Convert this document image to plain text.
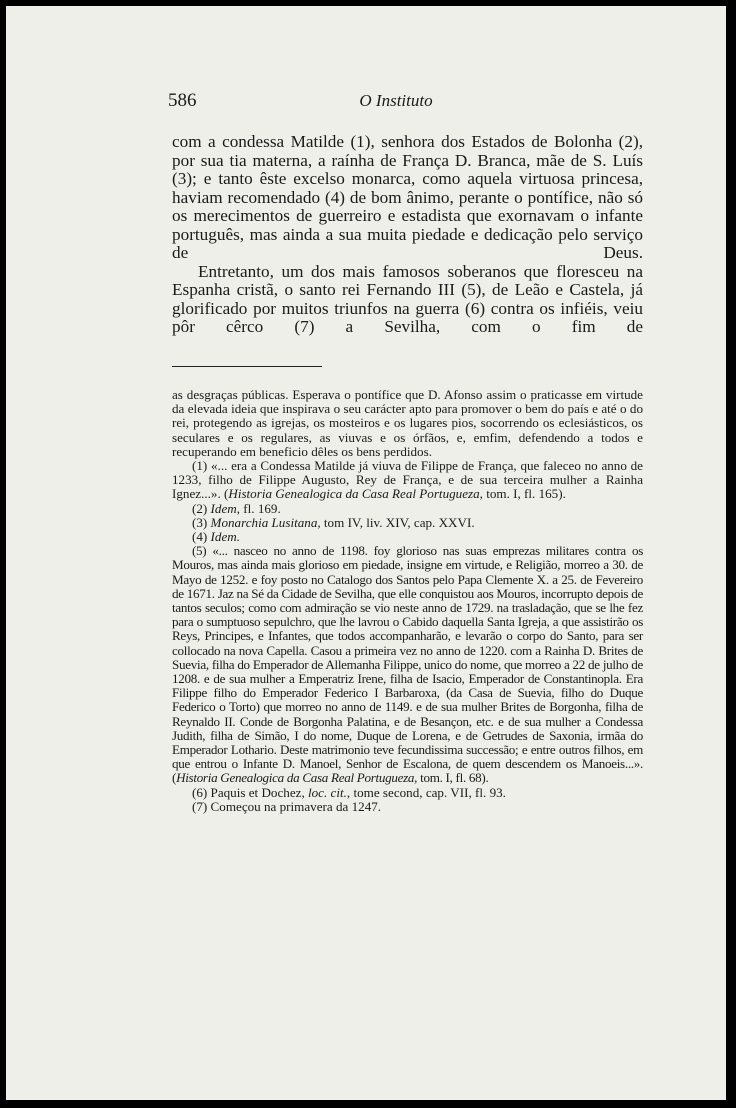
586	O Instituto

com a condessa Matilde (1), senhora dos Estados de Bolonha (2), por sua tia materna, a raínha de França D. Branca, mãe de S. Luís (3); e tanto êste excelso monarca, como aquela virtuosa princesa, haviam recomendado (4) de bom ânimo, perante o pontífice, não só os merecimentos de guerreiro e estadista que exornavam o infante português, mas ainda a sua muita piedade e dedicação pelo serviço de Deus.

Entretanto, um dos mais famosos soberanos que floresceu na Espanha cristã, o santo rei Fernando III (5), de Leão e Castela, já glorificado por muitos triunfos na guerra (6) contra os infiéis, veiu pôr cêrco (7) a Sevilha, com o fim de

as desgraças públicas. Esperava o pontífice que D. Afonso assim o praticasse em virtude da elevada ideia que inspirava o seu carácter apto para promover o bem do país e até o do rei, protegendo as igrejas, os mosteiros e os lugares pios, socorrendo os eclesiásticos, os seculares e os regulares, as viuvas e os órfãos, e, emfim, defendendo a todos e recuperando em beneficio dêles os bens perdidos.

(1) «... era a Condessa Matilde já viuva de Filippe de França, que faleceo no anno de 1233, filho de Filippe Augusto, Rey de França, e de sua terceira mulher a Rainha Ignez...». (Historia Genealogica da Casa Real Portugueza, tom. I, fl. 165).

(2) Idem, fl. 169.

(3) Monarchia Lusitana, tom IV, liv. XIV, cap. XXVI.

(4) Idem.

(5) «... nasceo no anno de 1198. foy glorioso nas suas emprezas militares contra os Mouros, mas ainda mais glorioso em piedade, insigne em virtude, e Religião, morreo a 30. de Mayo de 1252. e foy posto no Catalogo dos Santos pelo Papa Clemente X. a 25. de Fevereiro de 1671. Jaz na Sé da Cidade de Sevilha, que elle conquistou aos Mouros, incorrupto depois de tantos seculos; como com admiração se vio neste anno de 1729. na trasladação, que se lhe fez para o sumptuoso sepulchro, que lhe lavrou o Cabido daquella Santa Igreja, a que assistirão os Reys, Principes, e Infantes, que todos accompanharão, e levarão o corpo do Santo, para ser collocado na nova Capella. Casou a primeira vez no anno de 1220. com a Rainha D. Brites de Suevia, filha do Emperador de Allemanha Filippe, unico do nome, que morreo a 22 de julho de 1208. e de sua mulher a Emperatriz Irene, filha de Isacio, Emperador de Constantinopla. Era Filippe filho do Emperador Federico I Barbaroxa, (da Casa de Suevia, filho do Duque Federico o Torto) que morreo no anno de 1149. e de sua mulher Brites de Borgonha, filha de Reynaldo II. Conde de Borgonha Palatina, e de Besançon, etc. e de sua mulher a Condessa Judith, filha de Simão, I do nome, Duque de Lorena, e de Getrudes de Saxonia, irmãa do Emperador Lothario. Deste matrimonio teve fecundissima successão; e entre outros filhos, em que entrou o Infante D. Manoel, Senhor de Escalona, de quem descendem os Manoeis...». (Historia Genealogica da Casa Real Portugueza, tom. I, fl. 68).

(6) Paquis et Dochez, loc. cit., tome second, cap. VII, fl. 93.

(7) Começou na primavera da 1247.
